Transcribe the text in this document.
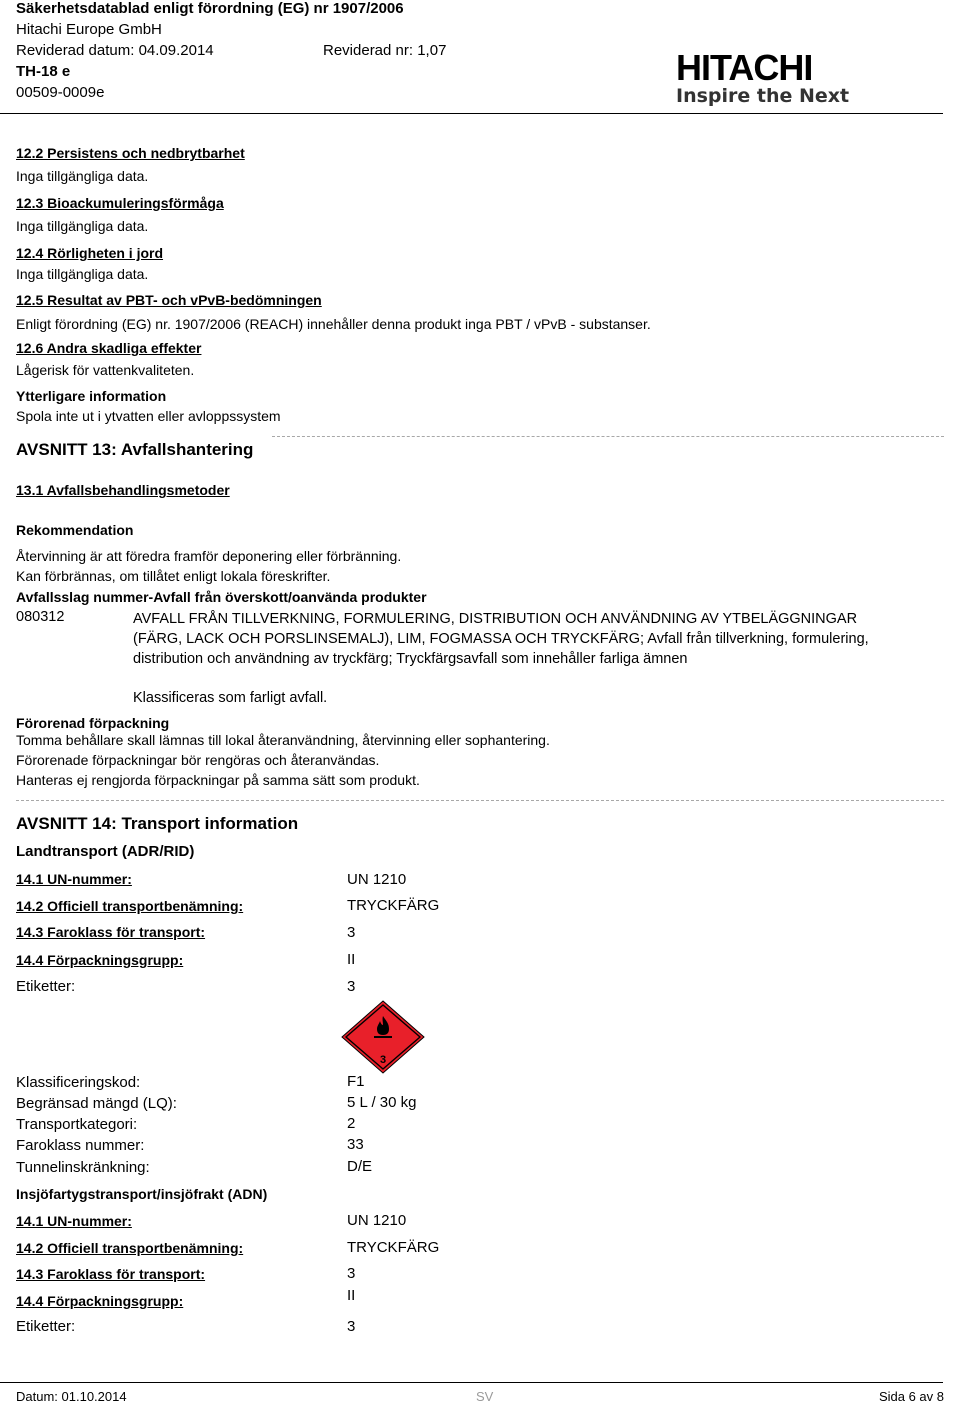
Säkerhetsdatablad enligt förordning (EG) nr 1907/2006
Hitachi Europe GmbH
Reviderad datum: 04.09.2014	Reviderad nr: 1,07
TH-18 e
00509-0009e
HITACHI
Inspire the Next
12.2 Persistens och nedbrytbarhet
Inga tillgängliga data.
12.3 Bioackumuleringsförmåga
Inga tillgängliga data.
12.4 Rörligheten i jord
Inga tillgängliga data.
12.5 Resultat av PBT- och vPvB-bedömningen
Enligt förordning (EG) nr. 1907/2006 (REACH) innehåller denna produkt inga PBT / vPvB - substanser.
12.6 Andra skadliga effekter
Lågerisk för vattenkvaliteten.
Ytterligare information
Spola inte ut i ytvatten eller avloppssystem
AVSNITT 13: Avfallshantering
13.1 Avfallsbehandlingsmetoder
Rekommendation
Återvinning är att föredra framför deponering eller förbränning.
Kan förbrännas, om tillåtet enligt lokala föreskrifter.
Avfallsslag nummer-Avfall från överskott/oanvända produkter
080312	AVFALL FRÅN TILLVERKNING, FORMULERING, DISTRIBUTION OCH ANVÄNDNING AV YTBELÄGGNINGAR (FÄRG, LACK OCH PORSLINSEMALJ), LIM, FOGMASSA OCH TRYCKFÄRG; Avfall från tillverkning, formulering, distribution och användning av tryckfärg; Tryckfärgsavfall som innehåller farliga ämnen
Klassificeras som farligt avfall.
Förorenad förpackning
Tomma behållare skall lämnas till lokal återanvändning, återvinning eller sophantering.
Förorenade förpackningar bör rengöras och återanvändas.
Hanteras ej rengjorda förpackningar på samma sätt som produkt.
AVSNITT 14: Transport information
Landtransport (ADR/RID)
14.1 UN-nummer:	UN 1210
14.2 Officiell transportbenämning:	TRYCKFÄRG
14.3 Faroklass för transport:	3
14.4 Förpackningsgrupp:	II
Etiketter:	3
3
Klassificeringskod:	F1
Begränsad mängd (LQ):	5 L / 30 kg
Transportkategori:	2
Faroklass nummer:	33
Tunnelinskränkning:	D/E
Insjöfartygstransport/insjöfrakt (ADN)
14.1 UN-nummer:	UN 1210
14.2 Officiell transportbenämning:	TRYCKFÄRG
14.3 Faroklass för transport:	3
14.4 Förpackningsgrupp:	II
Etiketter:	3
Datum: 01.10.2014	SV	Sida 6 av 8
